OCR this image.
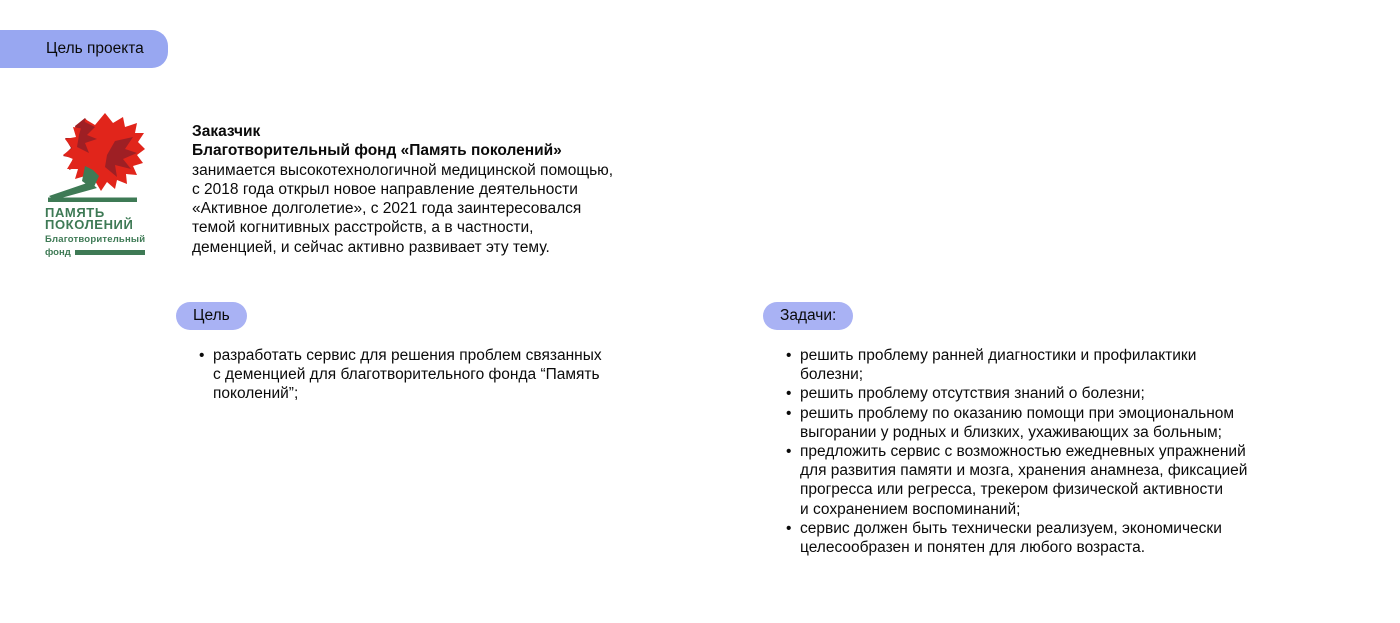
Цель проекта
ПАМЯТЬ
ПОКОЛЕНИЙ
Благотворительный
фонд
Заказчик
Благотворительный фонд «Память поколений»
занимается высокотехнологичной медицинской помощью,
с 2018 года открыл новое направление деятельности
«Активное долголетие», с 2021 года заинтересовался
темой когнитивных расстройств, а в частности,
деменцией, и сейчас активно развивает эту тему.
Цель
• разработать сервис для решения проблем связанных
с деменцией для благотворительного фонда “Память
поколений”;
Задачи:
• решить проблему ранней диагностики и профилактики
болезни;
• решить проблему отсутствия знаний о болезни;
• решить проблему по оказанию помощи при эмоциональном
выгорании у родных и близких, ухаживающих за больным;
• предложить сервис с возможностью ежедневных упражнений
для развития памяти и мозга, хранения анамнеза, фиксацией
прогресса или регресса, трекером физической активности
и сохранением воспоминаний;
• сервис должен быть технически реализуем, экономически
целесообразен и понятен для любого возраста.
